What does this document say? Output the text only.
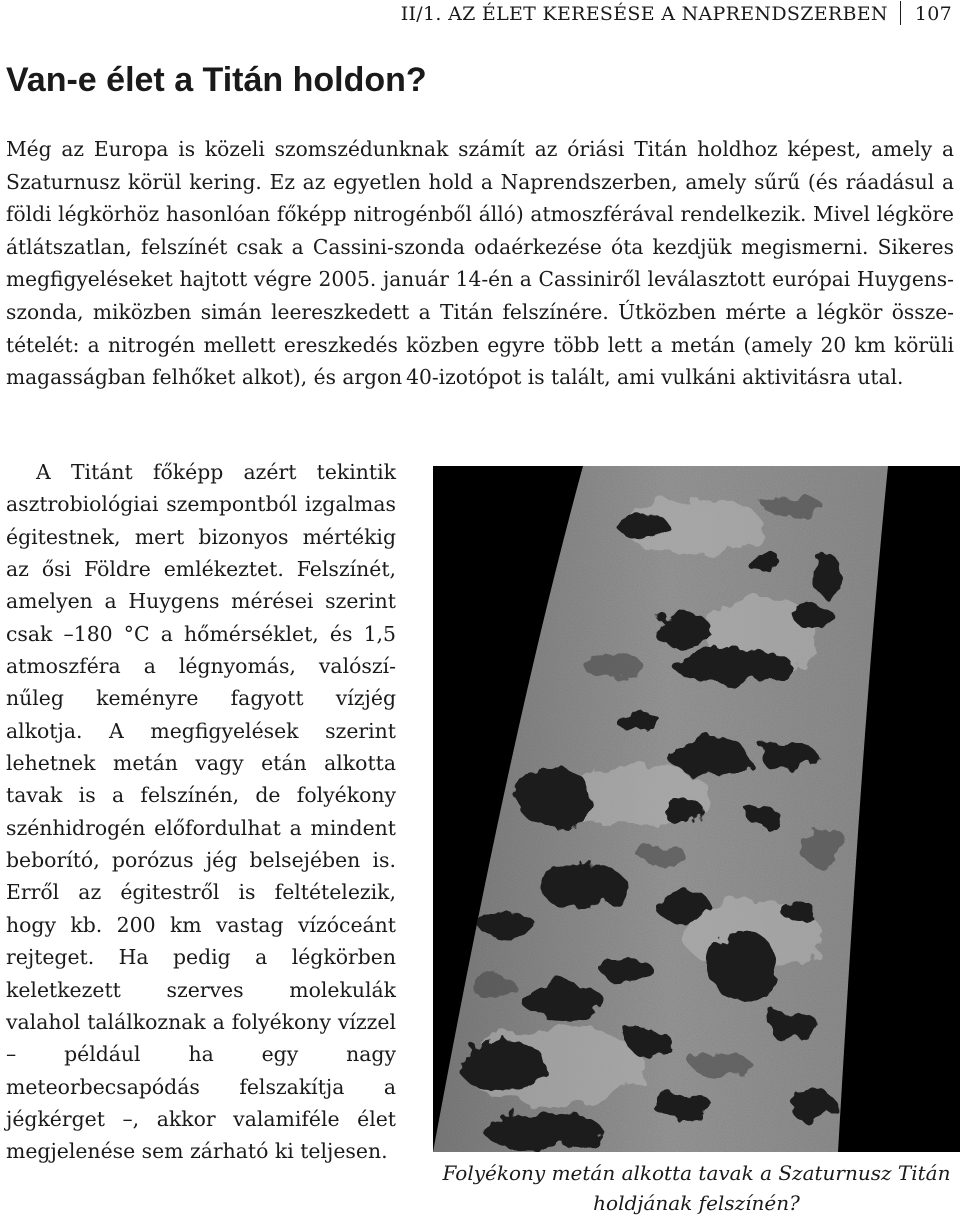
II/1. AZ ÉLET KERESÉSE A NAPRENDSZERBEN 107
Van-e élet a Titán holdon?

Még az Europa is közeli szomszédunknak számít az óriási Titán holdhoz képest, amely a Szaturnusz körül kering. Ez az egyetlen hold a Naprendszerben, amely sűrű (és ráadásul a földi légkörhöz hasonlóan főképp nitrogénből álló) atmoszférával rendelkezik. Mivel légköre átlátszatlan, felszínét csak a Cassini-szonda odaérkezése óta kezdjük megismerni. Sikeres megfigyeléseket hajtott végre 2005. január 14-én a Cassiniről leválasztott európai Huygens-szonda, miközben simán leereszkedett a Titán felszínére. Útközben mérte a légkör összetételét: a nitrogén mellett ereszkedés közben egyre több lett a metán (amely 20 km körüli magasságban felhőket alkot), és argon 40-izotópot is talált, ami vulkáni aktivitásra utal.

A Titánt főképp azért tekintik asztrobiológiai szempontból izgalmas égitestnek, mert bizonyos mértékig az ősi Földre emlékeztet. Felszínét, amelyen a Huygens mérései szerint csak –180 °C a hőmérséklet, és 1,5 atmoszféra a légnyomás, valószínűleg keményre fagyott vízjég alkotja. A megfigyelések szerint lehetnek metán vagy etán alkotta tavak is a felszínén, de folyékony szénhidrogén előfordulhat a mindent beborító, porózus jég belsejében is. Erről az égitestről is feltételezik, hogy kb. 200 km vastag vízóceánt rejteget. Ha pedig a légkörben keletkezett szerves molekulák valahol találkoznak a folyékony vízzel – például ha egy nagy meteorbecsapódás felszakítja a jégkérget –, akkor valamiféle élet megjelenése sem zárható ki teljesen.

Folyékony metán alkotta tavak a Szaturnusz Titán holdjának felszínén?
